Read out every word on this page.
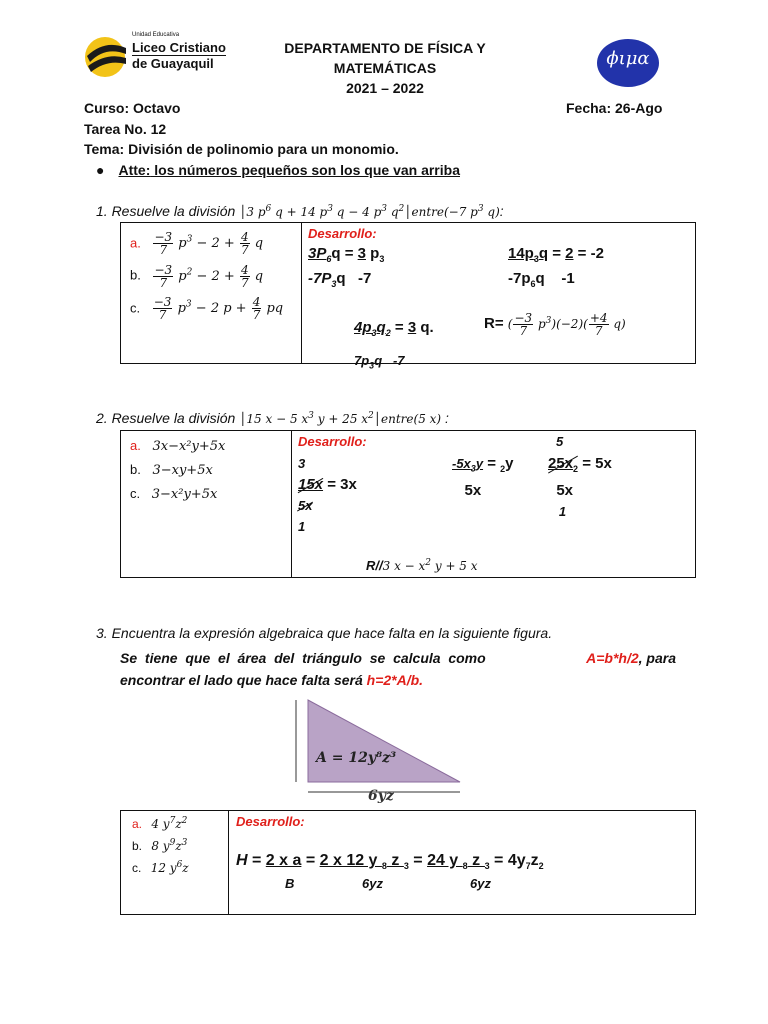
Unidad Educativa
Liceo Cristiano
de Guayaquil
DEPARTAMENTO DE FÍSICA Y
MATEMÁTICAS
2021 – 2022
ϕιμα
Curso: Octavo	Fecha: 26-Ago
Tarea No. 12
Tema: División de polinomio para un monomio.
● Atte: los números pequeños son los que van arriba
1. Resuelve la división │3 $p^6$ q + 14 $p^3$ q − 4 $p^3$ $q^2│entre(-7$ $p^3$ q):
a. $\frac{-3}{7} p^3 - 2 + \frac{4}{7}$ q
b. $\frac{-3}{7} p^2 - 2 + \frac{4}{7}$ q
c. $\frac{-3}{7} p^3 - 2$ $p + \frac{4}{7}$ pq
Desarrollo:
$3P_6q = 3$ $p_3$
$-7P_3q$   -7
$14p_3q = 2 = -2$
$-7p_6q$    -1
$4p_3q_2 = 3$ q.
$7p_3q$   -7
R= ( $\frac{-3}{7} p^3)(-2)( \frac{+4}{7} q)$
2. Resuelve la división │15 x − 5 $x^3$ y + 25 $x^2│entre(5$ x) :
a. 3x−x²y+5x
b. 3−xy+5x
c. 3−x²y+5x
Desarrollo:	5
3
15x = 3x
5x
1
$-5x_3y = _2y$
5x
$25x_2 = 5x$
5x
1
R//3 $x - x^2$ y + 5 x
3. Encuentra la expresión algebraica que hace falta en la siguiente figura.
Se  tiene  que  el  área  del  triángulo  se  calcula  como	A=b*h/2, para
encontrar el lado que hace falta será h=2*A/b.
A = 12y⁸z³
6yz
a. 4 $y^7z^2$
b. 8 $y^9z^3$
c. 12 $y^6z$
Desarrollo:
H = 2 x a = 2 x 12 y $_8$ z $_3$ = 24 y $_8$ z $_3 = 4y_7z_2$
B	6yz	6yz
